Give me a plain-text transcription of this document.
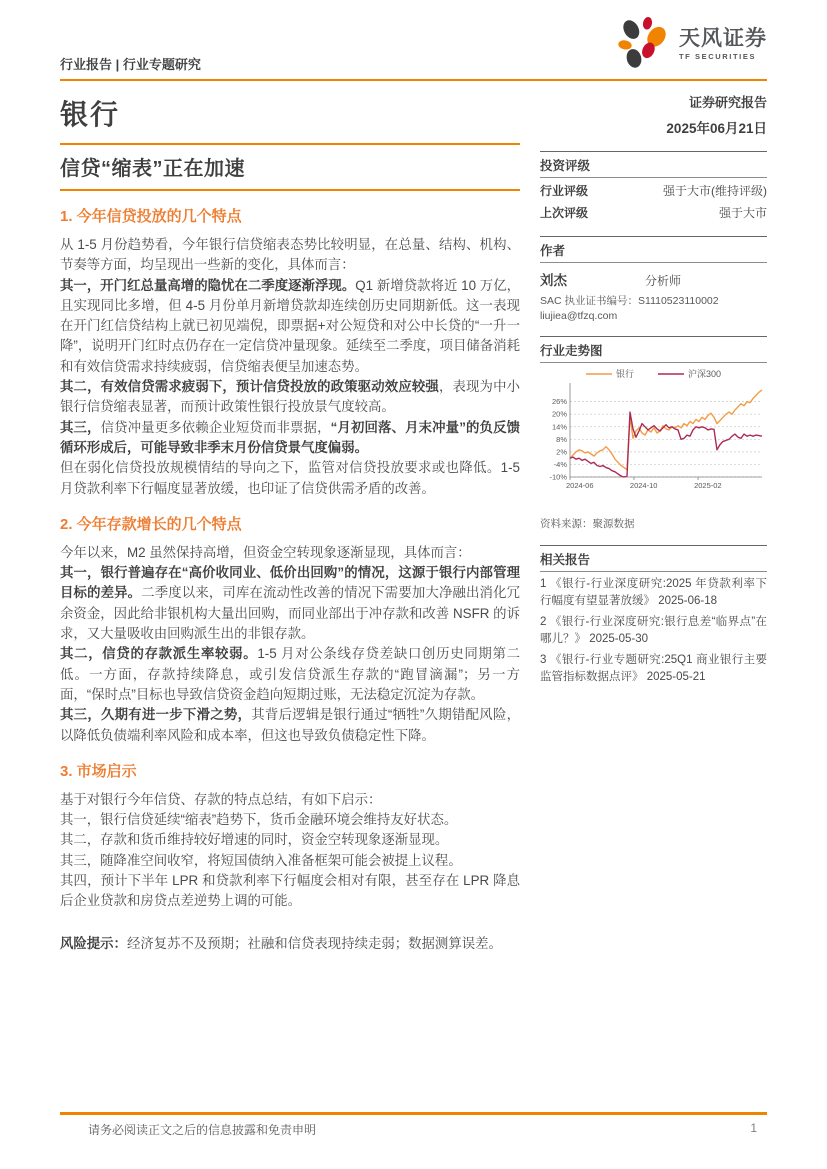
行业报告 | 行业专题研究
天风证券
TF SECURITIES
银行
信贷“缩表”正在加速
1. 今年信贷投放的几个特点

从 1-5 月份趋势看，今年银行信贷缩表态势比较明显，在总量、结构、机构、节奏等方面，均呈现出一些新的变化，具体而言：

其一，开门红总量高增的隐忧在二季度逐渐浮现。Q1 新增贷款将近 10 万亿，且实现同比多增，但 4-5 月份单月新增贷款却连续创历史同期新低。这一表现在开门红信贷结构上就已初见端倪，即票据+对公短贷和对公中长贷的“一升一降”，说明开门红时点仍存在一定信贷冲量现象。延续至二季度，项目储备消耗和有效信贷需求持续疲弱，信贷缩表便呈加速态势。

其二，有效信贷需求疲弱下，预计信贷投放的政策驱动效应较强，表现为中小银行信贷缩表显著，而预计政策性银行投放景气度较高。

其三，信贷冲量更多依赖企业短贷而非票据，“月初回落、月末冲量”的负反馈循环形成后，可能导致非季末月份信贷景气度偏弱。

但在弱化信贷投放规模情结的导向之下，监管对信贷投放要求或也降低。1-5 月贷款利率下行幅度显著放缓，也印证了信贷供需矛盾的改善。

2. 今年存款增长的几个特点

今年以来，M2 虽然保持高增，但资金空转现象逐渐显现，具体而言：

其一，银行普遍存在“高价收同业、低价出回购”的情况，这源于银行内部管理目标的差异。二季度以来，司库在流动性改善的情况下需要加大净融出消化冗余资金，因此给非银机构大量出回购，而同业部出于冲存款和改善 NSFR 的诉求，又大量吸收由回购派生出的非银存款。

其二，信贷的存款派生率较弱。1-5 月对公条线存贷差缺口创历史同期第二低。一方面，存款持续降息，或引发信贷派生存款的“跑冒滴漏”；另一方面，“保时点”目标也导致信贷资金趋向短期过账，无法稳定沉淀为存款。

其三，久期有进一步下滑之势，其背后逻辑是银行通过“牺牲”久期错配风险，以降低负债端利率风险和成本率，但这也导致负债稳定性下降。

3. 市场启示

基于对银行今年信贷、存款的特点总结，有如下启示：

其一，银行信贷延续“缩表”趋势下，货币金融环境会维持友好状态。

其二，存款和货币维持较好增速的同时，资金空转现象逐渐显现。

其三，随降准空间收窄，将短国债纳入准备框架可能会被提上议程。

其四，预计下半年 LPR 和贷款利率下行幅度会相对有限，甚至存在 LPR 降息后企业贷款和房贷点差逆势上调的可能。

风险提示：经济复苏不及预期；社融和信贷表现持续走弱；数据测算误差。

证券研究报告
2025年06月21日
投资评级
行业评级	强于大市(维持评级)
上次评级	强于大市
作者
刘杰	分析师
SAC 执业证书编号：S1110523110002
liujiea@tfzq.com
行业走势图
-10%
-4%
2%
8%
14%
20%
26%
2024-06	2024-10	2025-02
银行	沪深300
资料来源：聚源数据
相关报告
1 《银行-行业深度研究:2025 年贷款利率下行幅度有望显著放缓》 2025-06-18
2 《银行-行业深度研究:银行息差“临界点”在哪儿？》 2025-05-30
3 《银行-行业专题研究:25Q1 商业银行主要监管指标数据点评》 2025-05-21
请务必阅读正文之后的信息披露和免责申明	1
